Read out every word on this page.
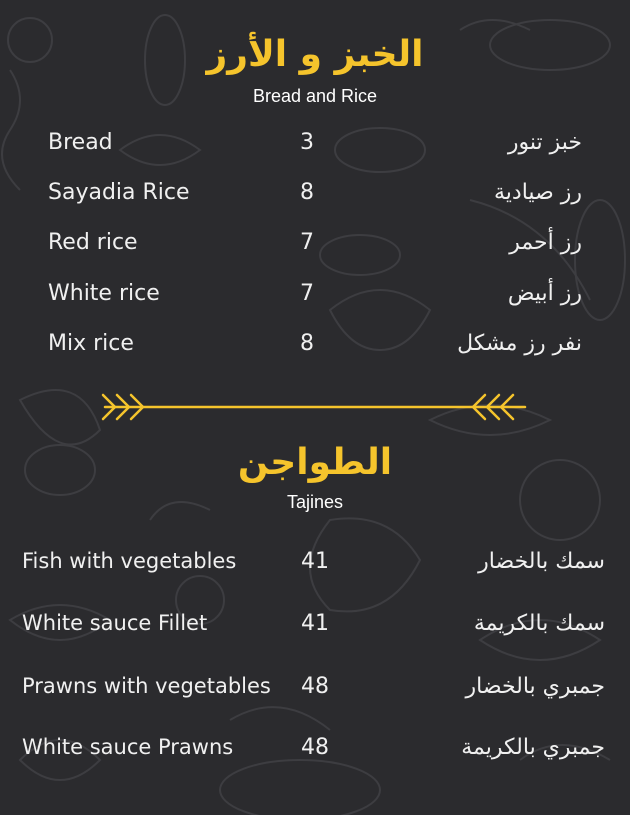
الخبز و الأرز
Bread and Rice
Bread	3	خبز تنور
Sayadia Rice	8	رز صيادية
Red rice	7	رز أحمر
White rice	7	رز أبيض
Mix rice	8	نفر رز مشكل
الطواجن
Tajines
Fish with vegetables	41	سمك بالخضار
White sauce Fillet	41	سمك بالكريمة
Prawns with vegetables 48	جمبري بالخضار
White sauce Prawns	48	جمبري بالكريمة
